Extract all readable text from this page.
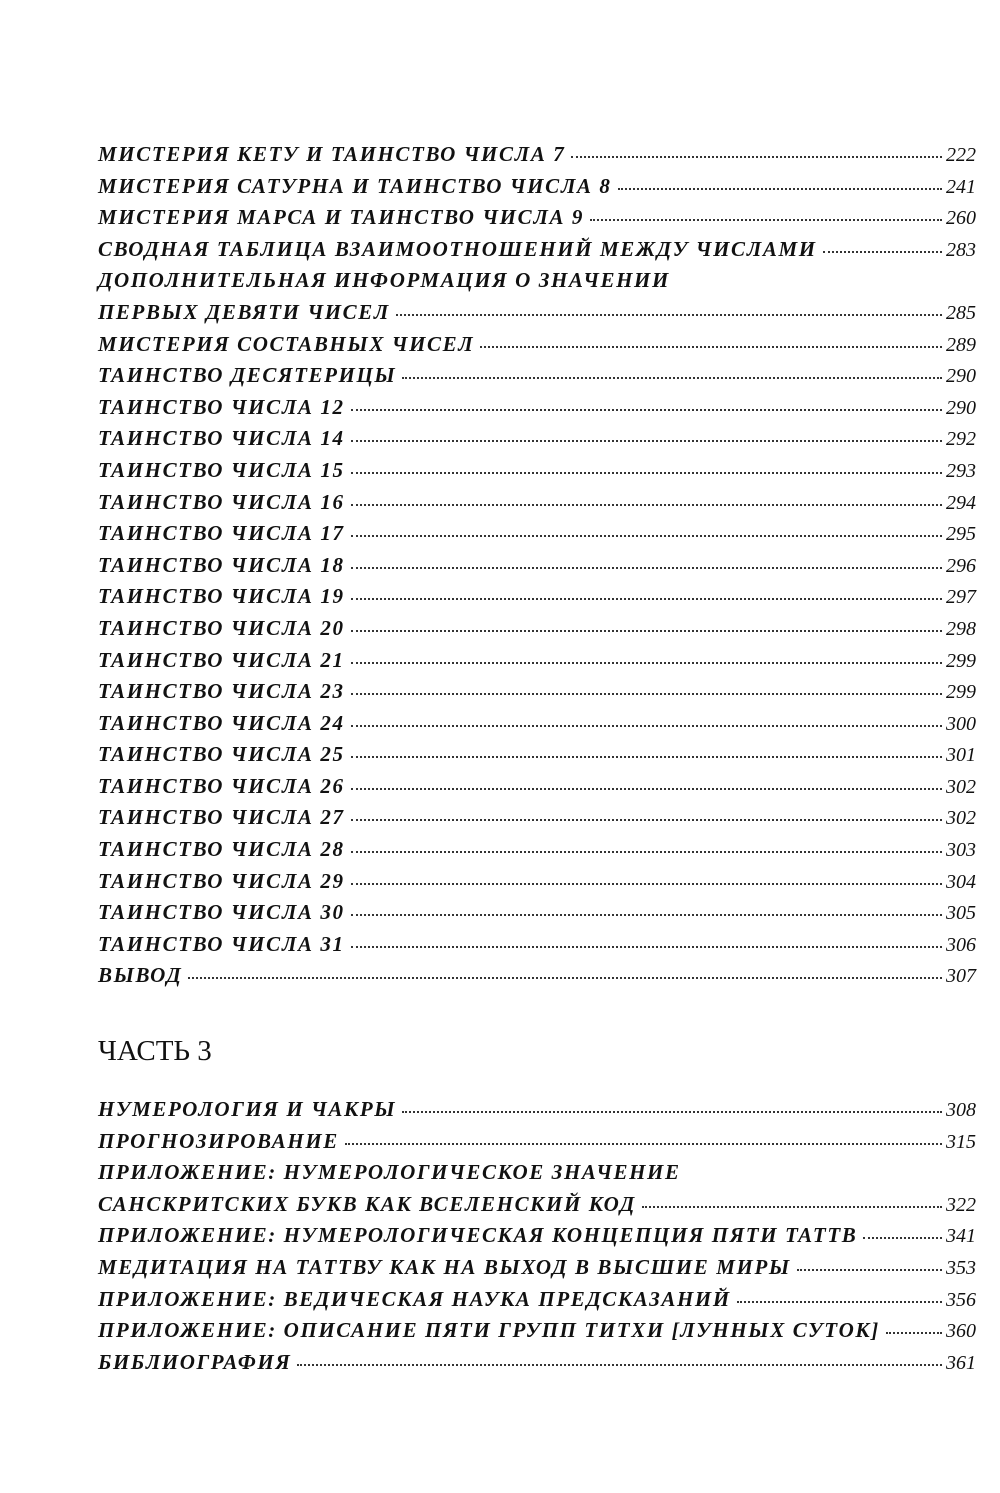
МИСТЕРИЯ КЕТУ И ТАИНСТВО ЧИСЛА 7	222
МИСТЕРИЯ САТУРНА И ТАИНСТВО ЧИСЛА 8	241
МИСТЕРИЯ МАРСА И ТАИНСТВО ЧИСЛА 9	260
СВОДНАЯ ТАБЛИЦА ВЗАИМООТНОШЕНИЙ МЕЖДУ ЧИСЛАМИ	283
ДОПОЛНИТЕЛЬНАЯ ИНФОРМАЦИЯ О ЗНАЧЕНИИ
ПЕРВЫХ ДЕВЯТИ ЧИСЕЛ	285
МИСТЕРИЯ СОСТАВНЫХ ЧИСЕЛ	289
ТАИНСТВО ДЕСЯТЕРИЦЫ	290
ТАИНСТВО ЧИСЛА 12	290
ТАИНСТВО ЧИСЛА 14	292
ТАИНСТВО ЧИСЛА 15	293
ТАИНСТВО ЧИСЛА 16	294
ТАИНСТВО ЧИСЛА 17	295
ТАИНСТВО ЧИСЛА 18	296
ТАИНСТВО ЧИСЛА 19	297
ТАИНСТВО ЧИСЛА 20	298
ТАИНСТВО ЧИСЛА 21	299
ТАИНСТВО ЧИСЛА 23	299
ТАИНСТВО ЧИСЛА 24	300
ТАИНСТВО ЧИСЛА 25	301
ТАИНСТВО ЧИСЛА 26	302
ТАИНСТВО ЧИСЛА 27	302
ТАИНСТВО ЧИСЛА 28	303
ТАИНСТВО ЧИСЛА 29	304
ТАИНСТВО ЧИСЛА 30	305
ТАИНСТВО ЧИСЛА 31	306
ВЫВОД	307
ЧАСТЬ 3
НУМЕРОЛОГИЯ И ЧАКРЫ	308
ПРОГНОЗИРОВАНИЕ	315
ПРИЛОЖЕНИЕ: НУМЕРОЛОГИЧЕСКОЕ ЗНАЧЕНИЕ
САНСКРИТСКИХ БУКВ КАК ВСЕЛЕНСКИЙ КОД	322
ПРИЛОЖЕНИЕ: НУМЕРОЛОГИЧЕСКАЯ КОНЦЕПЦИЯ ПЯТИ ТАТТВ	341
МЕДИТАЦИЯ НА ТАТТВУ КАК НА ВЫХОД В ВЫСШИЕ МИРЫ	353
ПРИЛОЖЕНИЕ: ВЕДИЧЕСКАЯ НАУКА ПРЕДСКАЗАНИЙ	356
ПРИЛОЖЕНИЕ: ОПИСАНИЕ ПЯТИ ГРУПП ТИТХИ [ЛУННЫХ СУТОК]	360
БИБЛИОГРАФИЯ	361
